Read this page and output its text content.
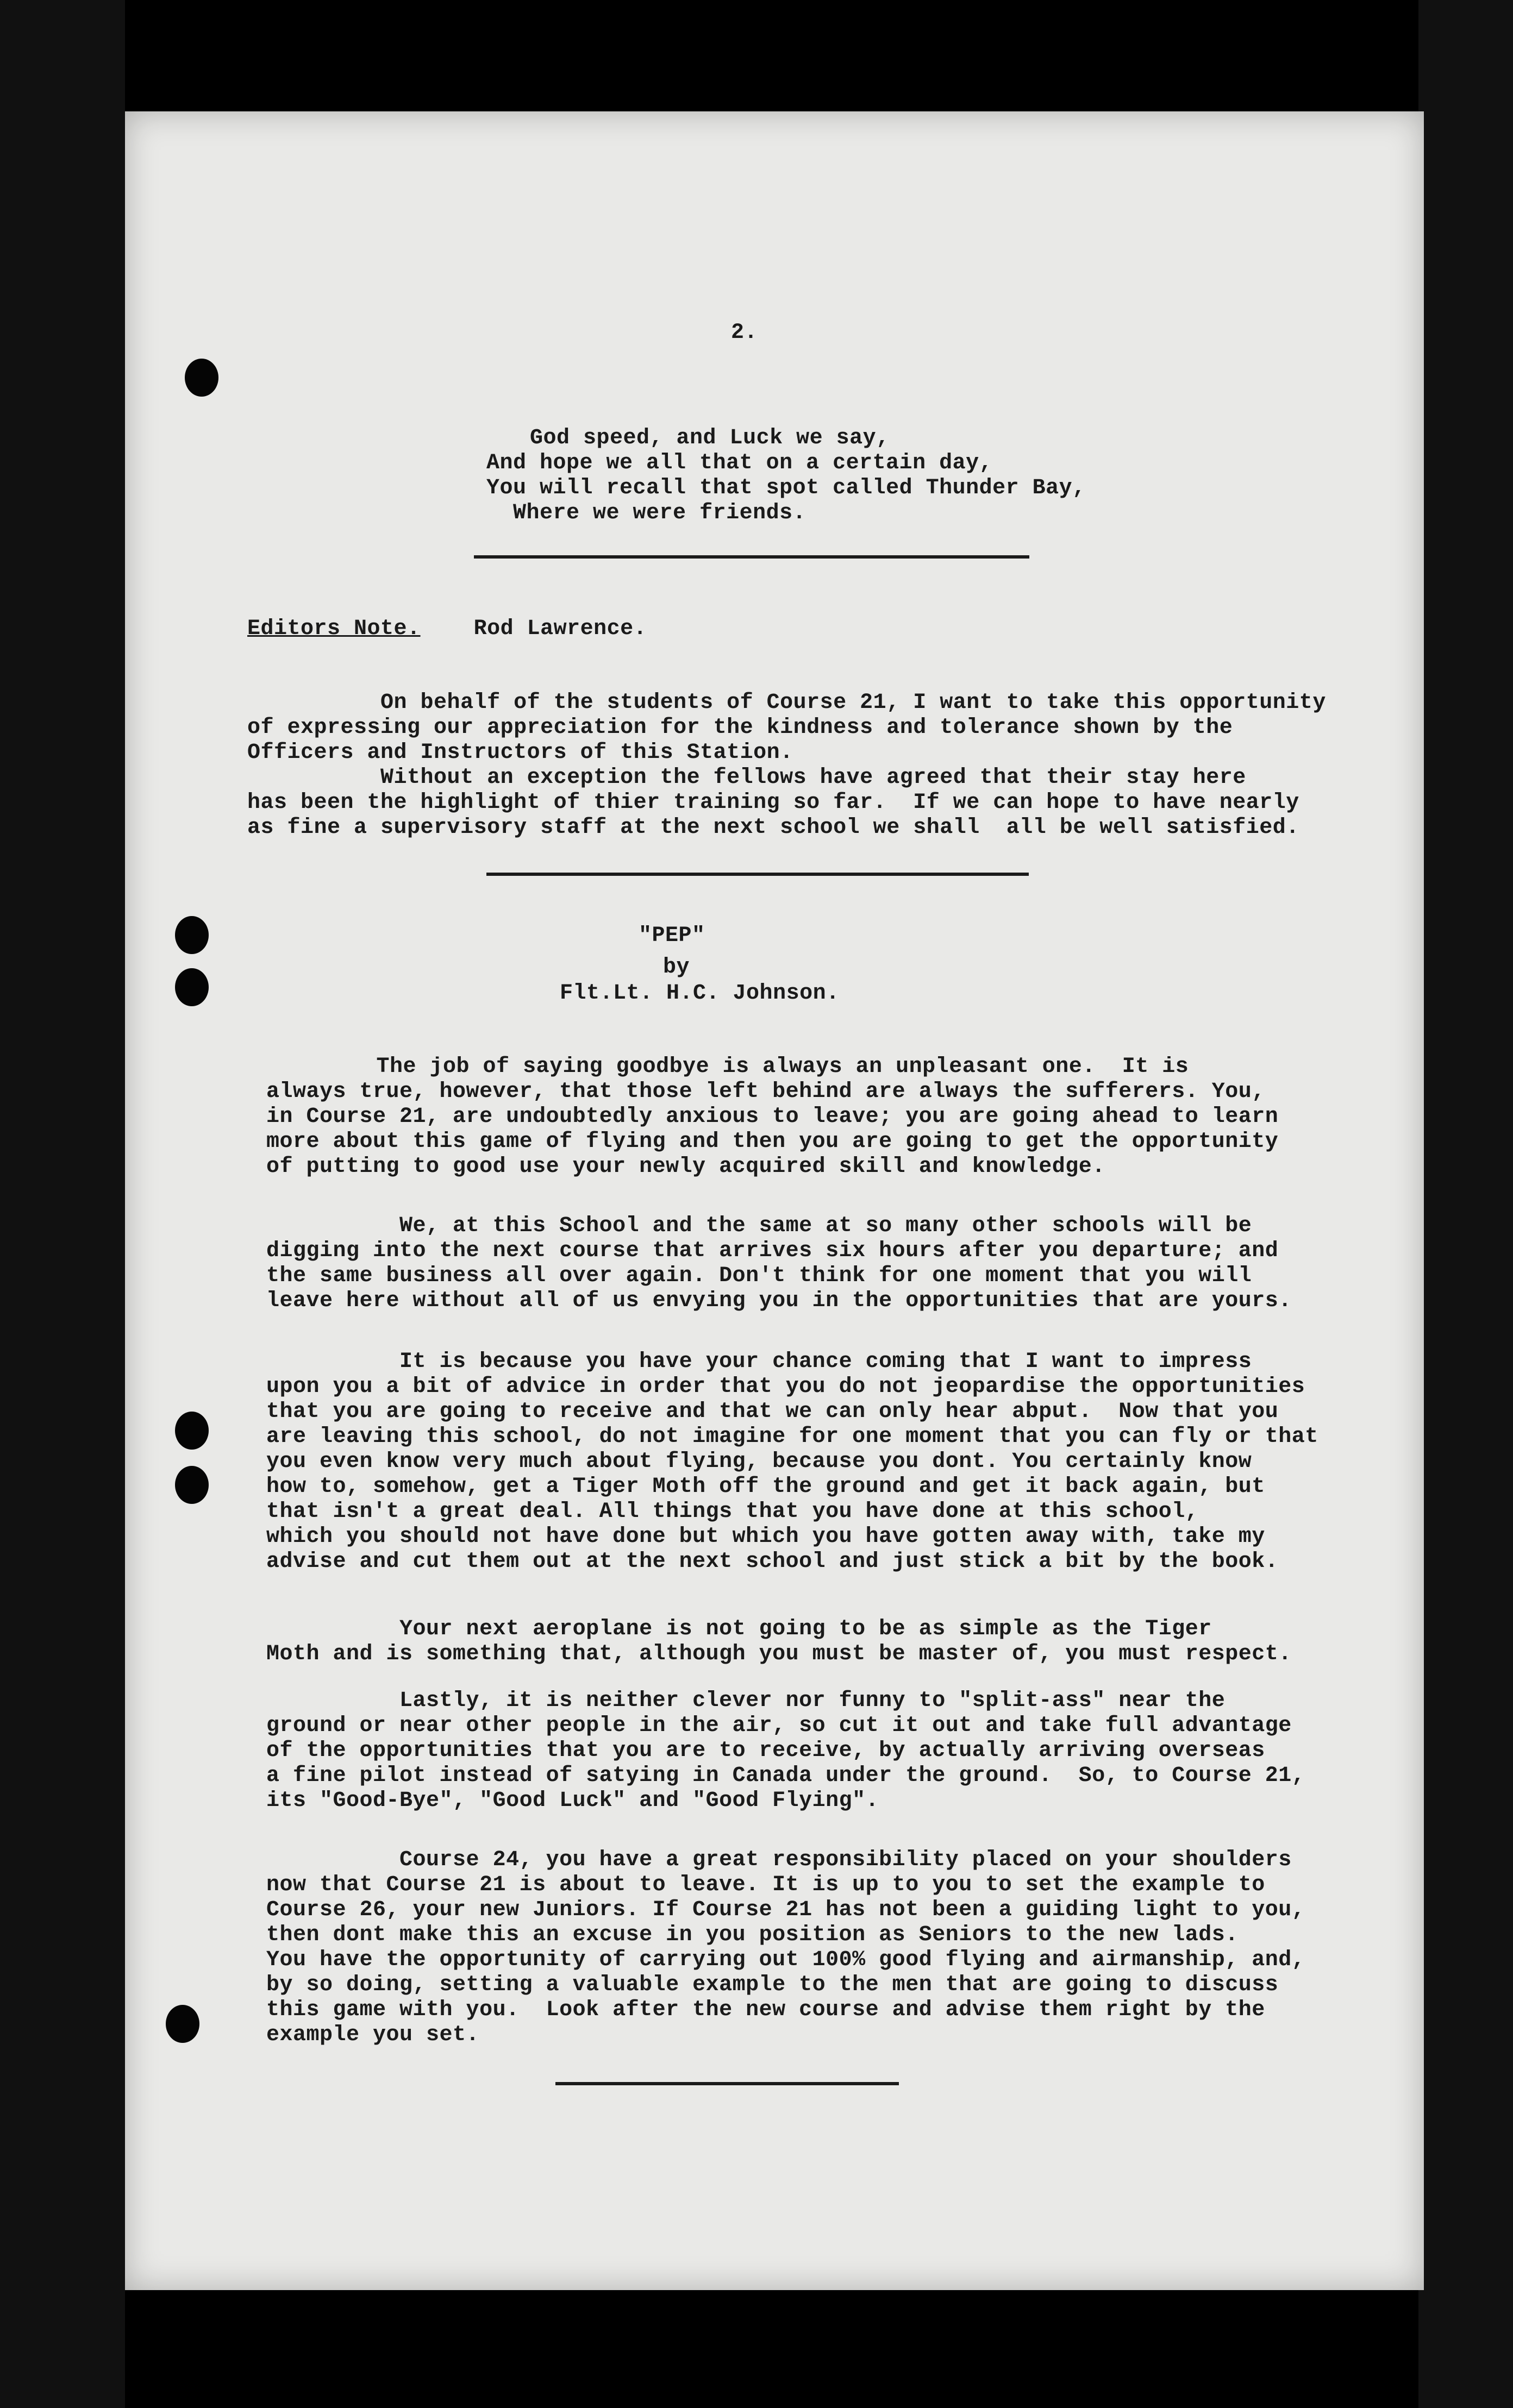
2.

God speed, and Luck we say,
And hope we all that on a certain day,
You will recall that spot called Thunder Bay,
Where we were friends.

Editors Note. Rod Lawrence.

On behalf of the students of Course 21, I want to take this opportunity
of expressing our appreciation for the kindness and tolerance shown by the
Officers and Instructors of this Station.
Without an exception the fellows have agreed that their stay here
has been the highlight of thier training so far.  If we can hope to have nearly
as fine a supervisory staff at the next school we shall  all be well satisfied.

"PEP"
by
Flt.Lt. H.C. Johnson.

The job of saying goodbye is always an unpleasant one.  It is
always true, however, that those left behind are always the sufferers. You,
in Course 21, are undoubtedly anxious to leave; you are going ahead to learn
more about this game of flying and then you are going to get the opportunity
of putting to good use your newly acquired skill and knowledge.

We, at this School and the same at so many other schools will be
digging into the next course that arrives six hours after you departure; and
the same business all over again. Don't think for one moment that you will
leave here without all of us envying you in the opportunities that are yours.

It is because you have your chance coming that I want to impress
upon you a bit of advice in order that you do not jeopardise the opportunities
that you are going to receive and that we can only hear abput.  Now that you
are leaving this school, do not imagine for one moment that you can fly or that
you even know very much about flying, because you dont. You certainly know
how to, somehow, get a Tiger Moth off the ground and get it back again, but
that isn't a great deal. All things that you have done at this school,
which you should not have done but which you have gotten away with, take my
advise and cut them out at the next school and just stick a bit by the book.

Your next aeroplane is not going to be as simple as the Tiger
Moth and is something that, although you must be master of, you must respect.

Lastly, it is neither clever nor funny to "split-ass" near the
ground or near other people in the air, so cut it out and take full advantage
of the opportunities that you are to receive, by actually arriving overseas
a fine pilot instead of satying in Canada under the ground.  So, to Course 21,
its "Good-Bye", "Good Luck" and "Good Flying".

Course 24, you have a great responsibility placed on your shoulders
now that Course 21 is about to leave. It is up to you to set the example to
Course 26, your new Juniors. If Course 21 has not been a guiding light to you,
then dont make this an excuse in you position as Seniors to the new lads.
You have the opportunity of carrying out 100% good flying and airmanship, and,
by so doing, setting a valuable example to the men that are going to discuss
this game with you.  Look after the new course and advise them right by the
example you set.
